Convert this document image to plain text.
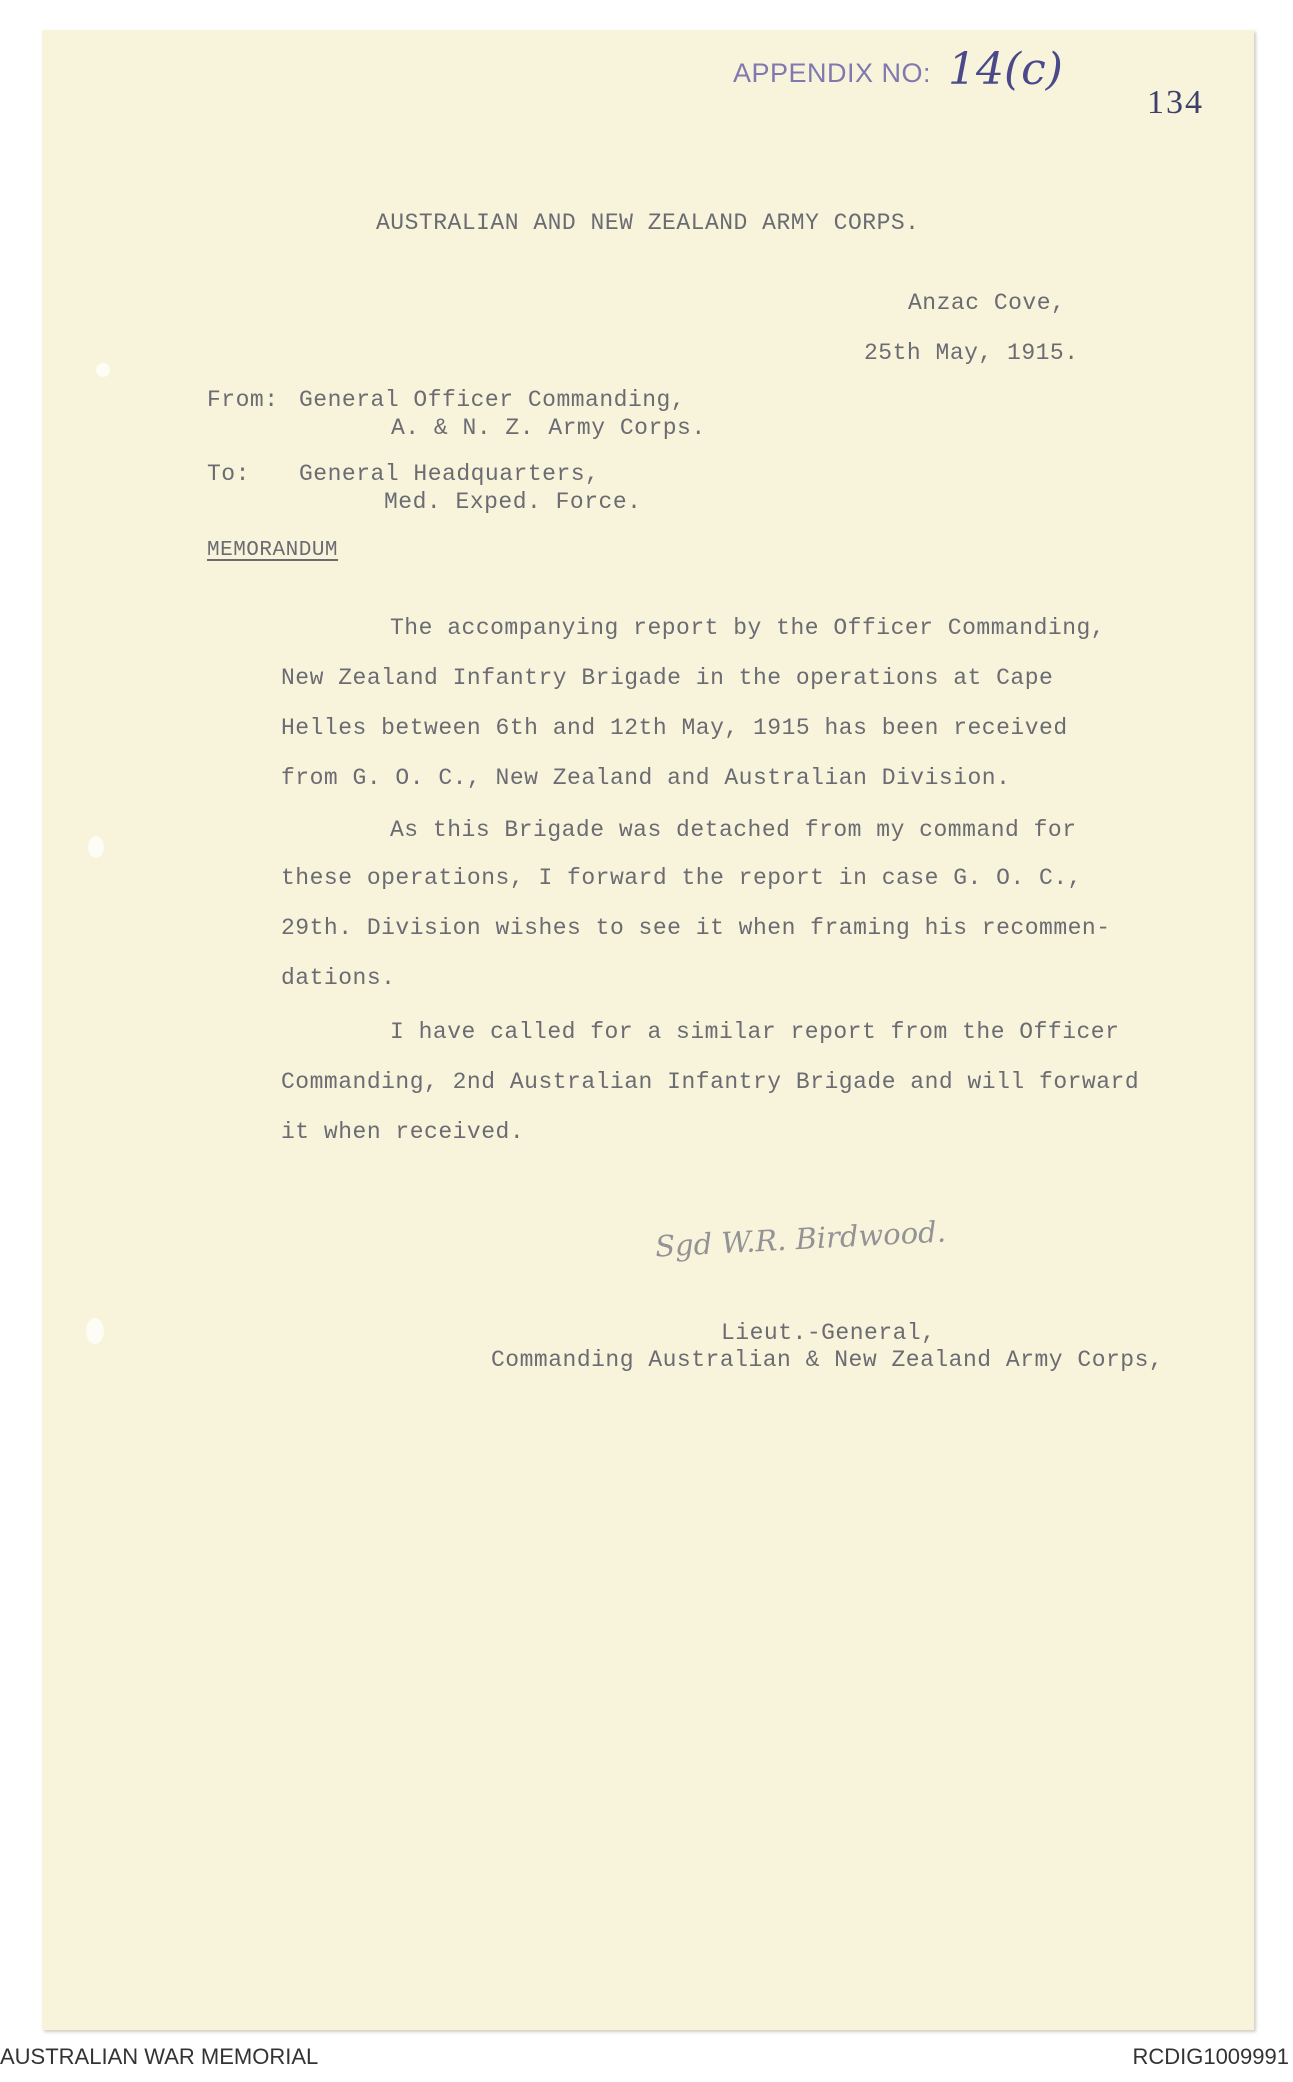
APPENDIX NO: 14(c)
134
AUSTRALIAN AND NEW ZEALAND ARMY CORPS.
Anzac Cove,
25th May, 1915.
From: General Officer Commanding,
A. & N. Z. Army Corps.
To: General Headquarters,
Med. Exped. Force.
MEMORANDUM
The accompanying report by the Officer Commanding,
New Zealand Infantry Brigade in the operations at Cape
Helles between 6th and 12th May, 1915 has been received
from G. O. C., New Zealand and Australian Division.
As this Brigade was detached from my command for
these operations, I forward the report in case G. O. C.,
29th. Division wishes to see it when framing his recommen-
dations.
I have called for a similar report from the Officer
Commanding, 2nd Australian Infantry Brigade and will forward
it when received.
Sgd W.R. Birdwood.
Lieut.-General,
Commanding Australian & New Zealand Army Corps,
AUSTRALIAN WAR MEMORIAL	RCDIG1009991
